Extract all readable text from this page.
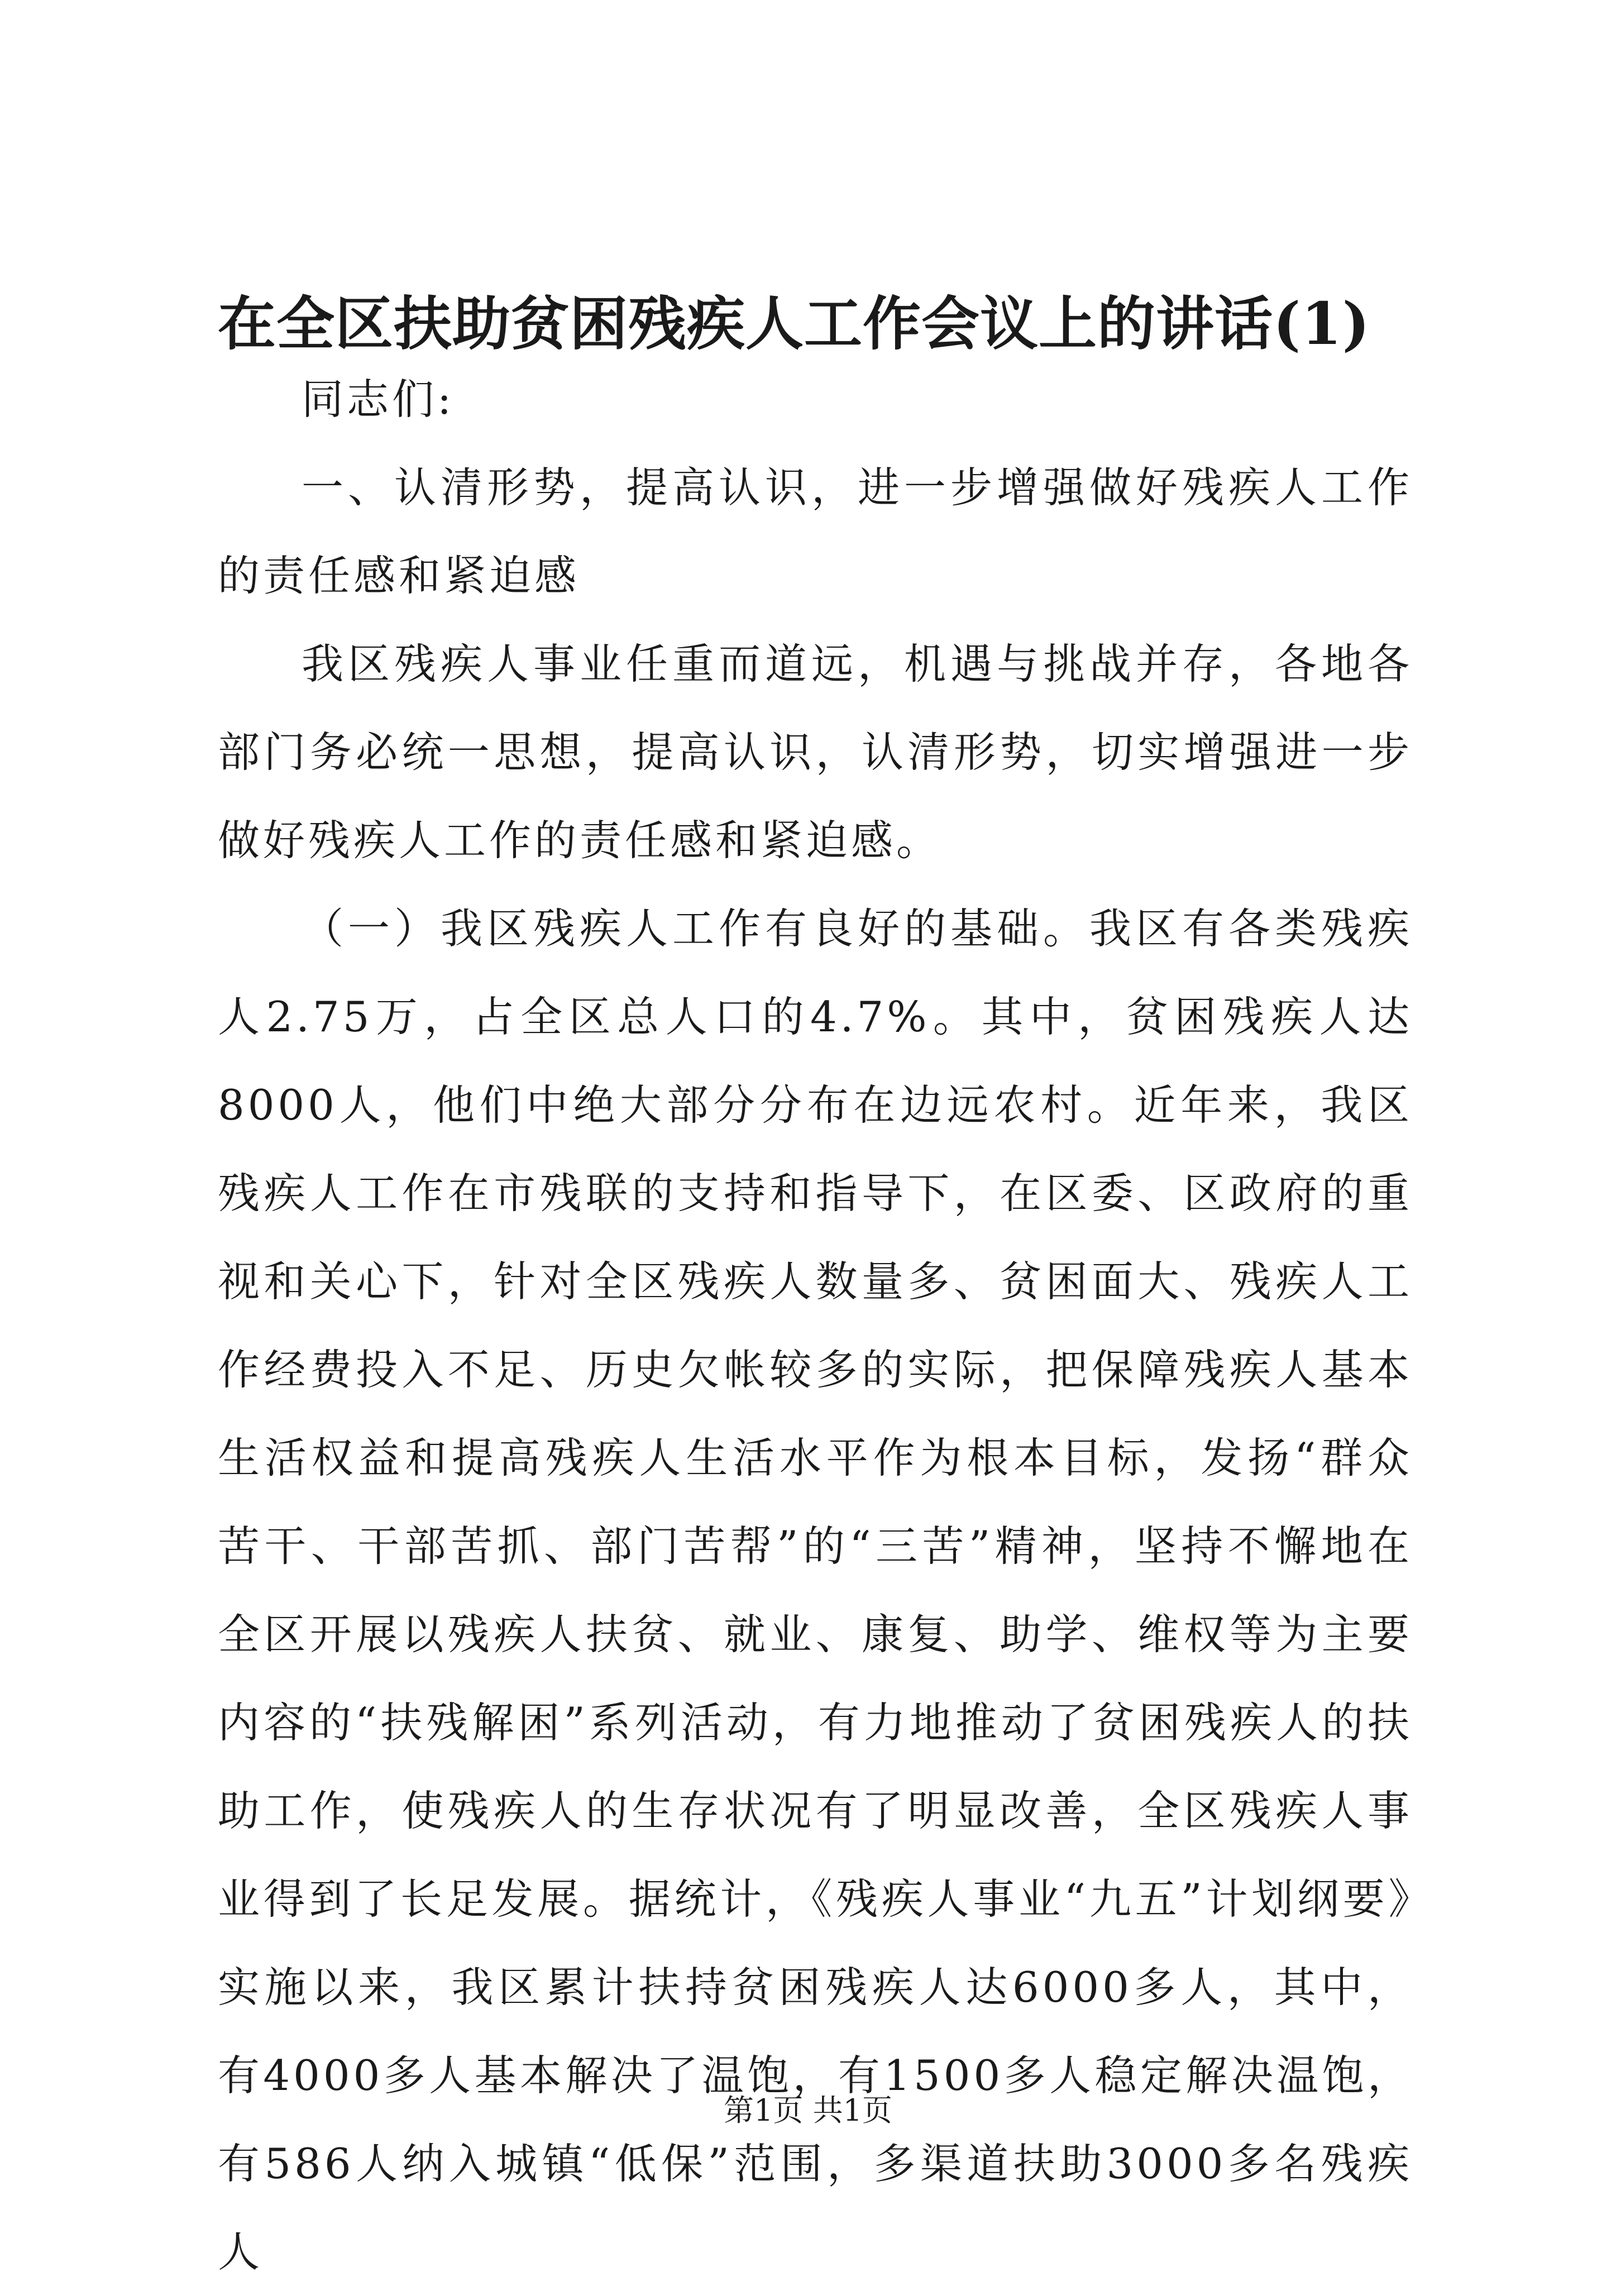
在全区扶助贫困残疾人工作会议上的讲话(1)

同志们:

一、认清形势，提高认识，进一步增强做好残疾人工作的责任感和紧迫感

我区残疾人事业任重而道远，机遇与挑战并存，各地各部门务必统一思想，提高认识，认清形势，切实增强进一步做好残疾人工作的责任感和紧迫感。

（一）我区残疾人工作有良好的基础。我区有各类残疾人2.75万，占全区总人口的4.7%。其中，贫困残疾人达8000人，他们中绝大部分分布在边远农村。近年来，我区残疾人工作在市残联的支持和指导下，在区委、区政府的重视和关心下，针对全区残疾人数量多、贫困面大、残疾人工作经费投入不足、历史欠帐较多的实际，把保障残疾人基本生活权益和提高残疾人生活水平作为根本目标，发扬“群众苦干、干部苦抓、部门苦帮”的“三苦”精神，坚持不懈地在全区开展以残疾人扶贫、就业、康复、助学、维权等为主要内容的“扶残解困”系列活动，有力地推动了贫困残疾人的扶助工作，使残疾人的生存状况有了明显改善，全区残疾人事业得到了长足发展。据统计，《残疾人事业“九五”计划纲要》实施以来，我区累计扶持贫困残疾人达6000多人，其中，有4000多人基本解决了温饱，有1500多人稳定解决温饱，有586人纳入城镇“低保”范围，多渠道扶助3000多名残疾人

第1页 共1页
